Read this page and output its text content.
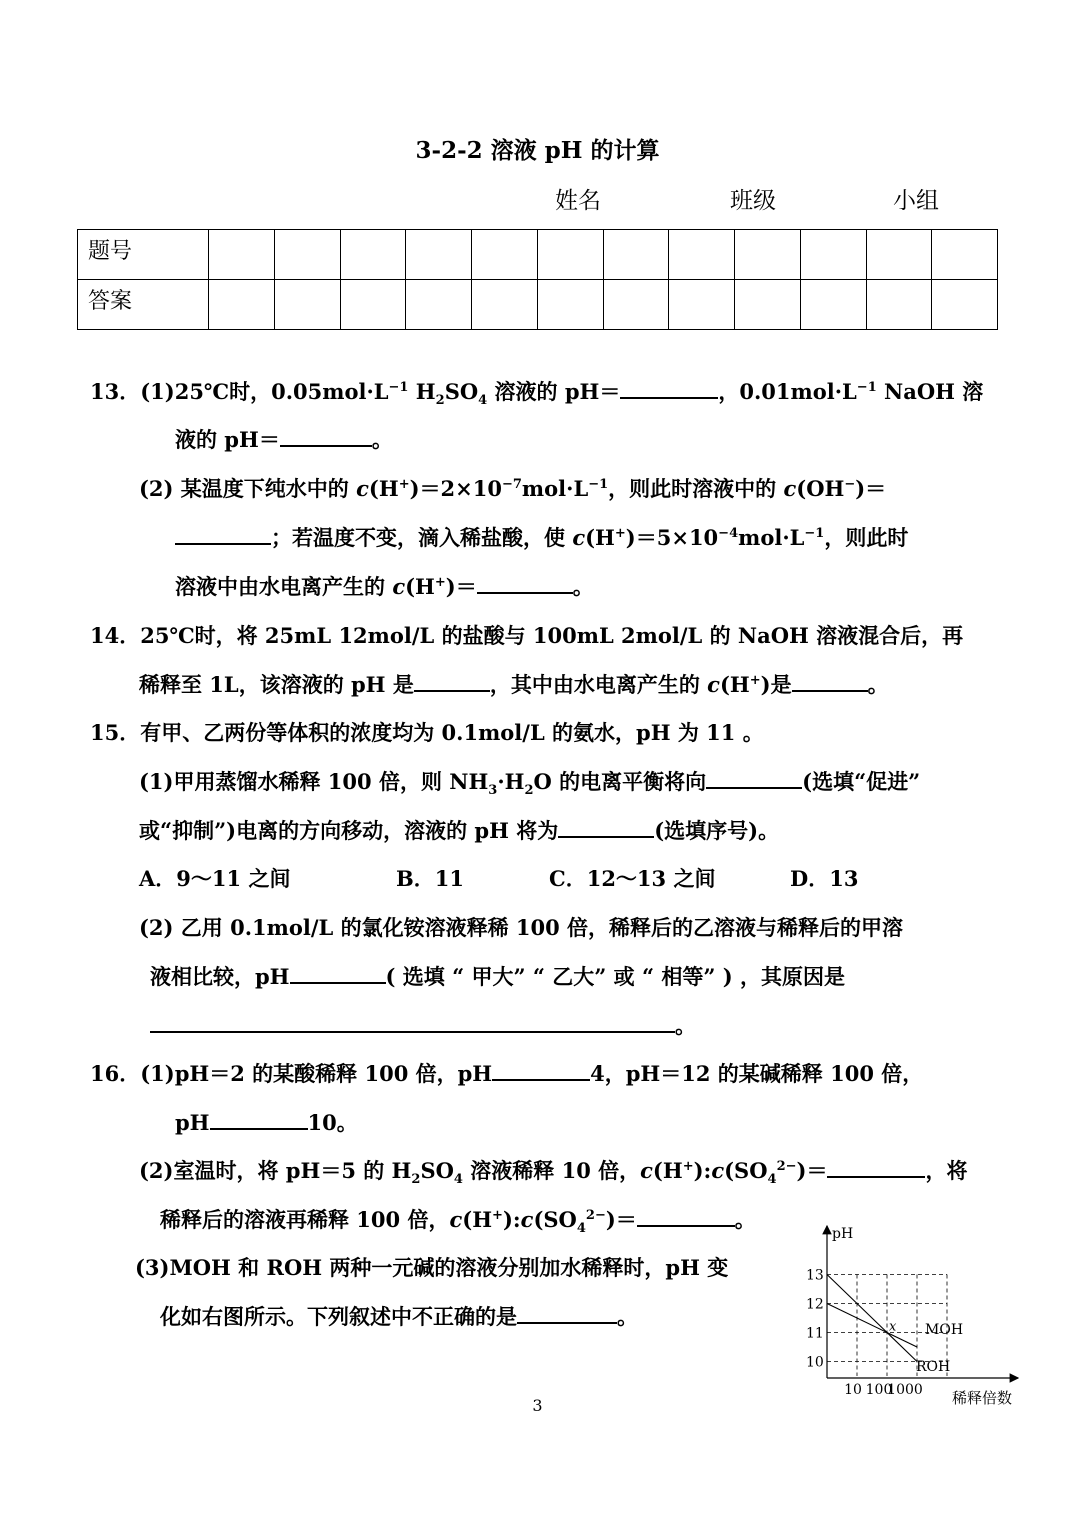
3-2-2 溶液 pH 的计算
姓名	班级	小组
题号												
答案												
13．(1)25℃时，$0.05mol\cdot L^{-1}$ $H_2SO_4$ 溶液的 pH＝	，$0.01mol\cdot L^{-1}$ NaOH 溶
液的 pH＝	。
(2) 某温度下纯水中的 $c(H^+)=2\times 10^{-7}mol\cdot L^{-1}$，则此时溶液中的 c(OH−)＝
；若温度不变，滴入稀盐酸，使 $c(H^+)=5\times 10^{-4}mol\cdot L^{-1}$，则此时
溶液中由水电离产生的 c(H+)＝	。
14．25℃时，将 25mL 12mol/L 的盐酸与 100mL 2mol/L 的 NaOH 溶液混合后，再
稀释至 1L，该溶液的 pH 是	，其中由水电离产生的 c(H+)是	。
15．有甲、乙两份等体积的浓度均为 0.1mol/L 的氨水，pH 为 11 。
(1)甲用蒸馏水稀释 100 倍，则 $NH_3\cdot H_2O$ 的电离平衡将向	(选填“促进”
或“抑制”)电离的方向移动，溶液的 pH 将为	(选填序号)。
A．9～11 之间	B．11	C．12～13 之间	D．13
(2) 乙用 0.1mol/L 的氯化铵溶液释稀 100 倍，稀释后的乙溶液与稀释后的甲溶
液相比较，pH	( 选填 “ 甲大” “ 乙大” 或 “ 相等” ) ，其原因是
。
16．(1)pH＝2 的某酸稀释 100 倍，pH	4，pH＝12 的某碱稀释 100 倍，
pH	10。
(2)室温时，将 pH＝5 的 $H_2SO_4$ 溶液稀释 10 倍，$c(H^+):c(SO_4^{2-})=$	，将
稀释后的溶液再稀释 100 倍，$c(H^+):c(SO_4^{2-})=$	。
(3)MOH 和 ROH 两种一元碱的溶液分别加水稀释时，pH 变
化如右图所示。下列叙述中不正确的是	。
pH
稀释倍数
10
11
12
13
10 100
1000
MOH
ROH
x
3
